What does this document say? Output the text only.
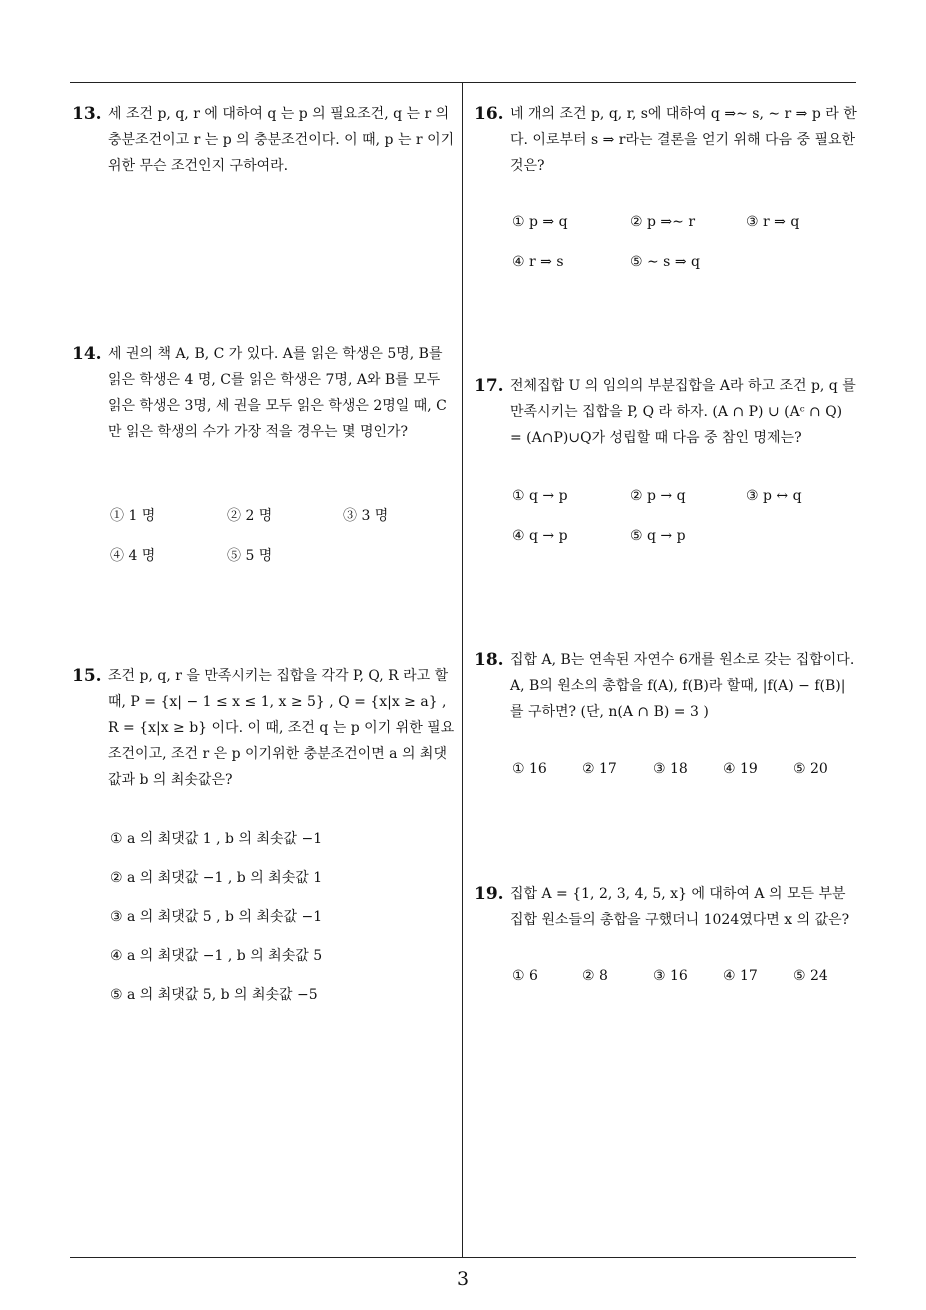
13. 세 조건 p, q, r 에 대하여 q 는 p 의 필요조건, q 는 r 의 충분조건이고 r 는 p 의 충분조건이다. 이 때, p 는 r 이기 위한 무슨 조건인지 구하여라.
14. 세 권의 책 A, B, C 가 있다. A를 읽은 학생은 5명, B를 읽은 학생은 4 명, C를 읽은 학생은 7명, A와 B를 모두 읽은 학생은 3명, 세 권을 모두 읽은 학생은 2명일 때, C만 읽은 학생의 수가 가장 적을 경우는 몇 명인가?
① 1 명	② 2 명	③ 3 명
④ 4 명	⑤ 5 명
15. 조건 p, q, r 을 만족시키는 집합을 각각 P, Q, R 라고 할 때, P = {x| − 1 ≤ x ≤ 1, x ≥ 5} , Q = {x|x ≥ a} , R = {x|x ≥ b} 이다. 이 때, 조건 q 는 p 이기 위한 필요조건이고, 조건 r 은 p 이기위한 충분조건이면 a 의 최댓값과 b 의 최솟값은?
① a 의 최댓값 1 , b 의 최솟값 −1
② a 의 최댓값 −1 , b 의 최솟값 1
③ a 의 최댓값 5 , b 의 최솟값 −1
④ a 의 최댓값 −1 , b 의 최솟값 5
⑤ a 의 최댓값 5, b 의 최솟값 −5
16. 네 개의 조건 p, q, r, s에 대하여 q ⇒∼ s, ∼ r ⇒ p 라 한다. 이로부터 s ⇒ r라는 결론을 얻기 위해 다음 중 필요한 것은?
① p ⇒ q	② p ⇒∼ r	③ r ⇒ q
④ r ⇒ s	⑤ ∼ s ⇒ q
17. 전체집합 U 의 임의의 부분집합을 A라 하고 조건 p, q 를 만족시키는 집합을 P, Q 라 하자. (A ∩ P) ∪ (Aᶜ ∩ Q) = (A∩P)∪Q가 성립할 때 다음 중 참인 명제는?
① q → p	② p → q	③ p ↔ q
④ q → p	⑤ q → p
18. 집합 A, B는 연속된 자연수 6개를 원소로 갖는 집합이다. A, B의 원소의 총합을 f(A), f(B)라 할때, |f(A) − f(B)|를 구하면? (단, n(A ∩ B) = 3 )
① 16	② 17	③ 18	④ 19	⑤ 20
19. 집합 A = {1, 2, 3, 4, 5, x} 에 대하여 A 의 모든 부분집합 원소들의 총합을 구했더니 1024였다면 x 의 값은?
① 6	② 8	③ 16	④ 17	⑤ 24
3
